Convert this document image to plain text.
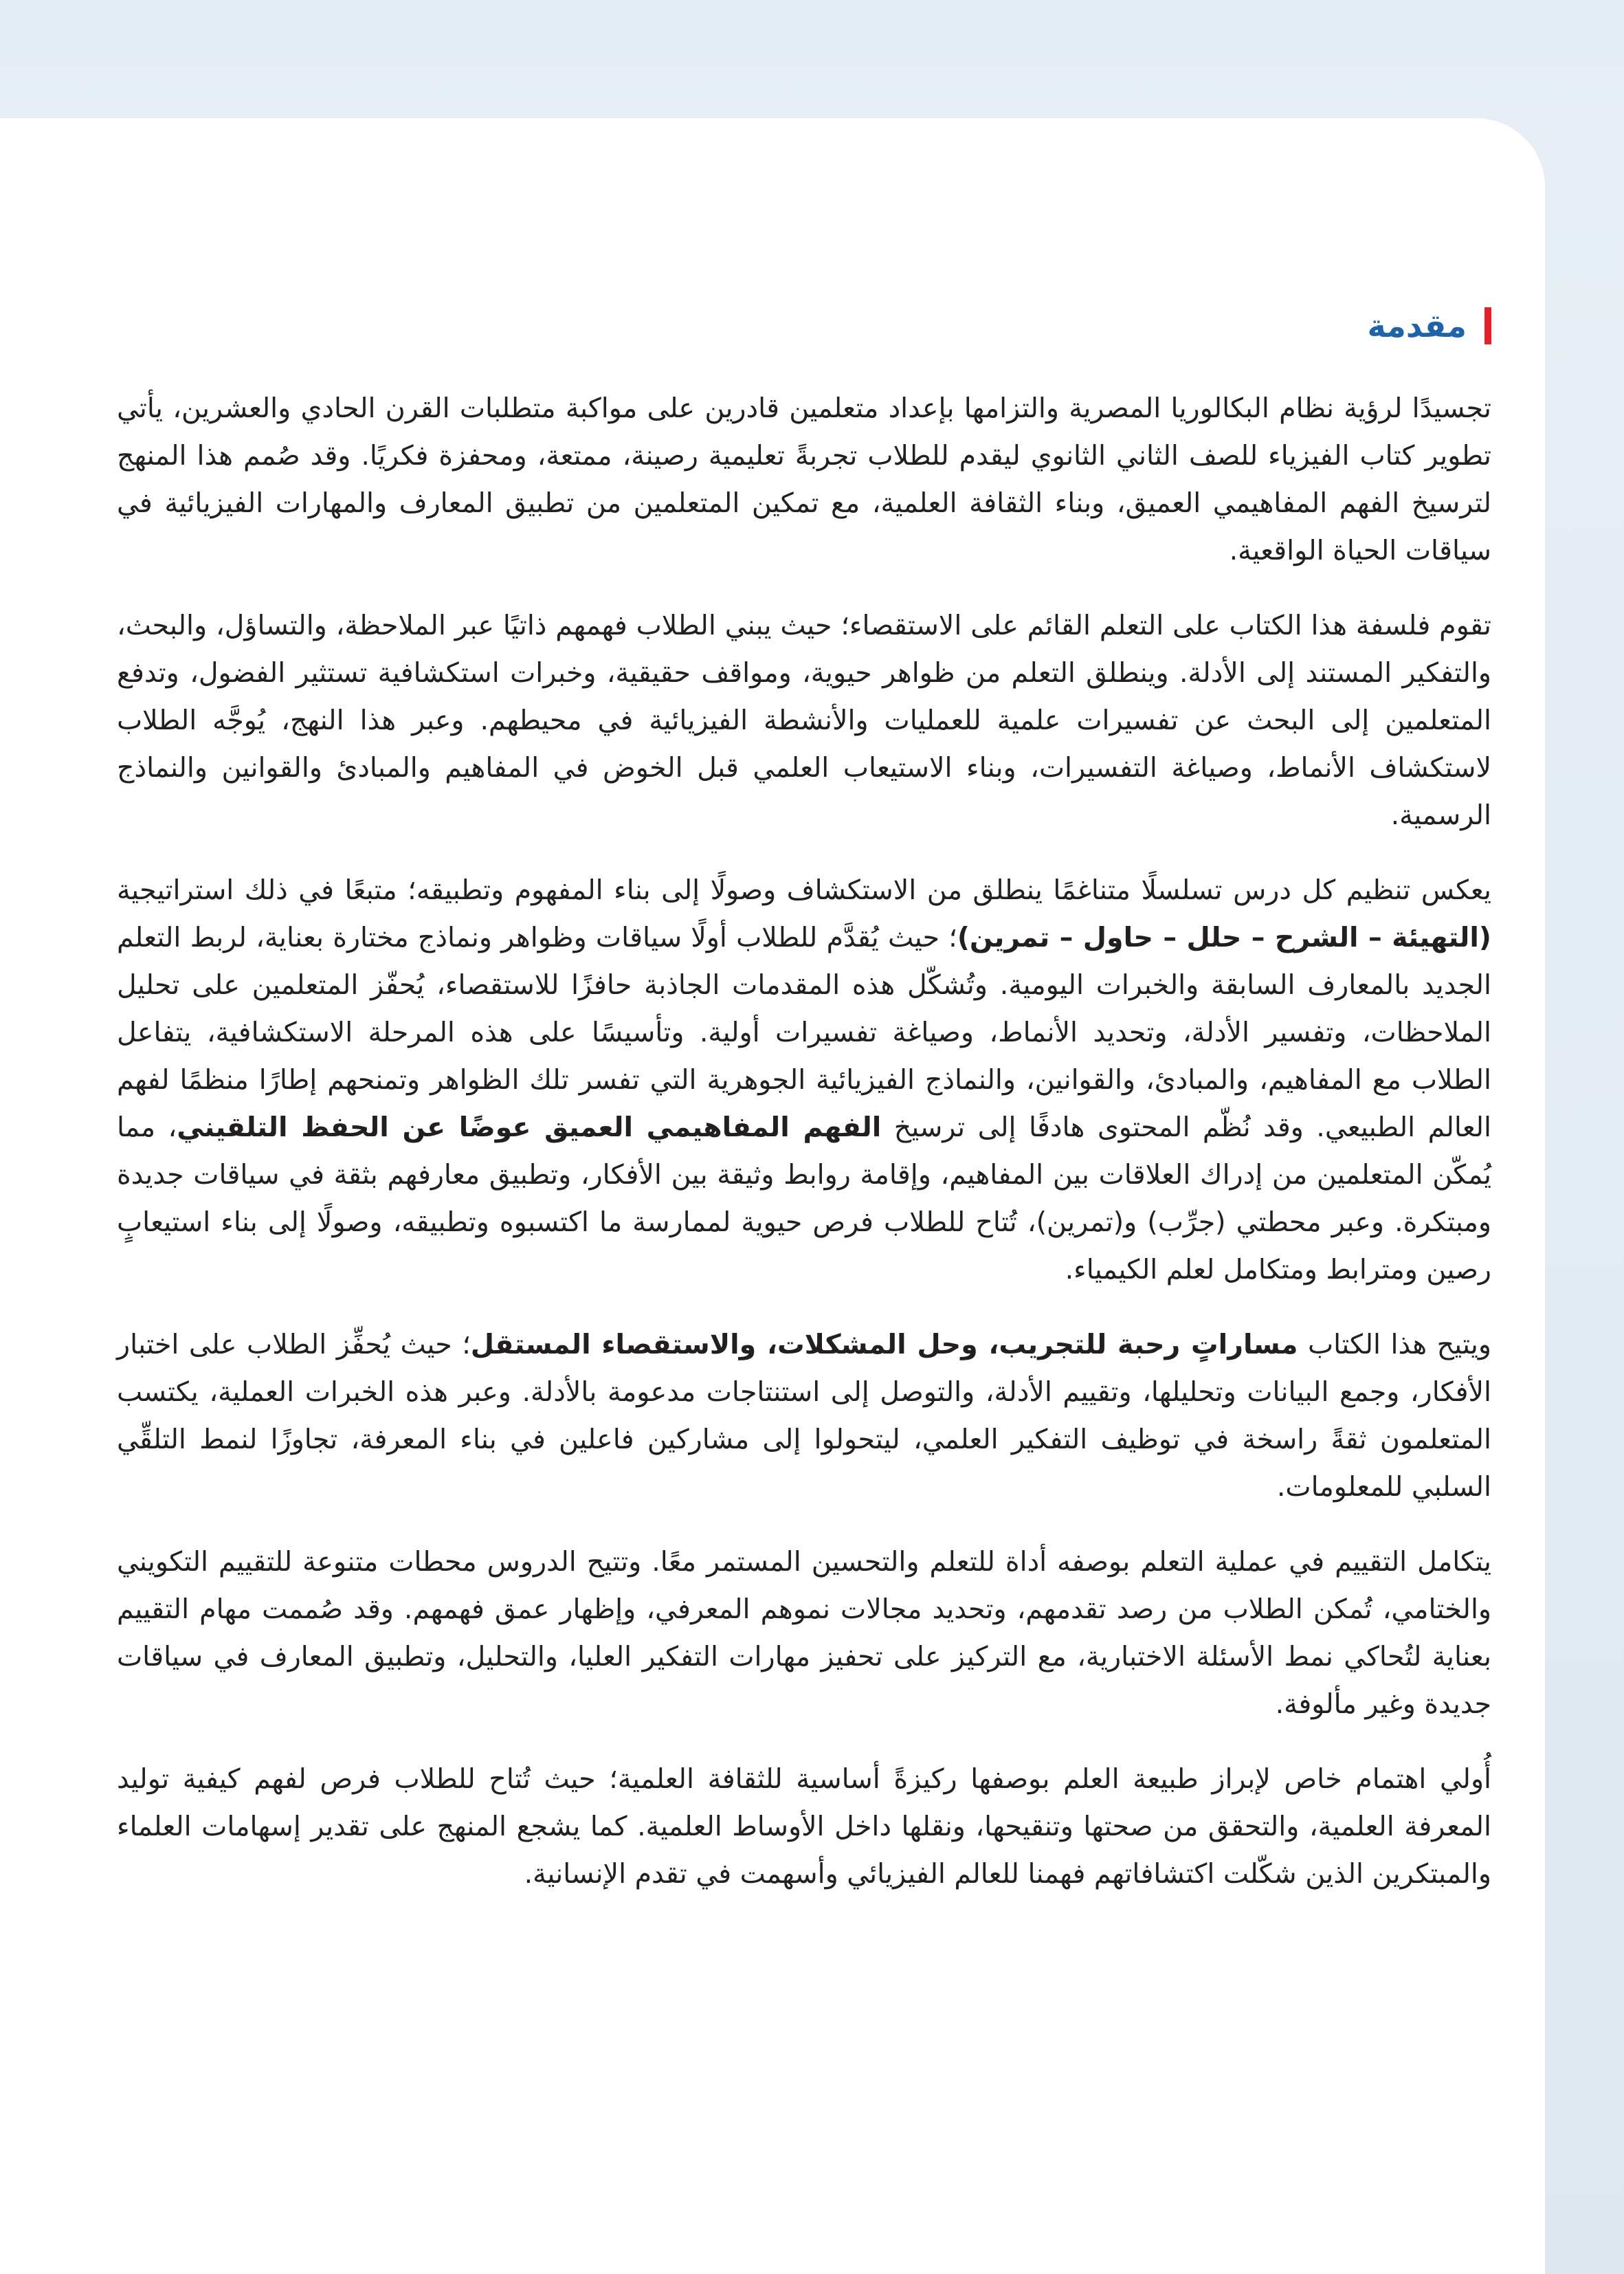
مقدمة

تجسيدًا لرؤية نظام البكالوريا المصرية والتزامها بإعداد متعلمين قادرين على مواكبة متطلبات القرن الحادي والعشرين، يأتي تطوير كتاب الفيزياء للصف الثاني الثانوي ليقدم للطلاب تجربةً تعليمية رصينة، ممتعة، ومحفزة فكريًا. وقد صُمم هذا المنهج لترسيخ الفهم المفاهيمي العميق، وبناء الثقافة العلمية، مع تمكين المتعلمين من تطبيق المعارف والمهارات الفيزيائية في سياقات الحياة الواقعية.

تقوم فلسفة هذا الكتاب على التعلم القائم على الاستقصاء؛ حيث يبني الطلاب فهمهم ذاتيًا عبر الملاحظة، والتساؤل، والبحث، والتفكير المستند إلى الأدلة. وينطلق التعلم من ظواهر حيوية، ومواقف حقيقية، وخبرات استكشافية تستثير الفضول، وتدفع المتعلمين إلى البحث عن تفسيرات علمية للعمليات والأنشطة الفيزيائية في محيطهم. وعبر هذا النهج، يُوجَّه الطلاب لاستكشاف الأنماط، وصياغة التفسيرات، وبناء الاستيعاب العلمي قبل الخوض في المفاهيم والمبادئ والقوانين والنماذج الرسمية.

يعكس تنظيم كل درس تسلسلًا متناغمًا ينطلق من الاستكشاف وصولًا إلى بناء المفهوم وتطبيقه؛ متبعًا في ذلك استراتيجية (التهيئة – الشرح – حلل – حاول – تمرين)؛ حيث يُقدَّم للطلاب أولًا سياقات وظواهر ونماذج مختارة بعناية، لربط التعلم الجديد بالمعارف السابقة والخبرات اليومية. وتُشكّل هذه المقدمات الجاذبة حافزًا للاستقصاء، يُحفّز المتعلمين على تحليل الملاحظات، وتفسير الأدلة، وتحديد الأنماط، وصياغة تفسيرات أولية. وتأسيسًا على هذه المرحلة الاستكشافية، يتفاعل الطلاب مع المفاهيم، والمبادئ، والقوانين، والنماذج الفيزيائية الجوهرية التي تفسر تلك الظواهر وتمنحهم إطارًا منظمًا لفهم العالم الطبيعي. وقد نُظّم المحتوى هادفًا إلى ترسيخ الفهم المفاهيمي العميق عوضًا عن الحفظ التلقيني، مما يُمكّن المتعلمين من إدراك العلاقات بين المفاهيم، وإقامة روابط وثيقة بين الأفكار، وتطبيق معارفهم بثقة في سياقات جديدة ومبتكرة. وعبر محطتي (جرِّب) و(تمرين)، تُتاح للطلاب فرص حيوية لممارسة ما اكتسبوه وتطبيقه، وصولًا إلى بناء استيعابٍ رصين ومترابط ومتكامل لعلم الكيمياء.

ويتيح هذا الكتاب مساراتٍ رحبة للتجريب، وحل المشكلات، والاستقصاء المستقل؛ حيث يُحفِّز الطلاب على اختبار الأفكار، وجمع البيانات وتحليلها، وتقييم الأدلة، والتوصل إلى استنتاجات مدعومة بالأدلة. وعبر هذه الخبرات العملية، يكتسب المتعلمون ثقةً راسخة في توظيف التفكير العلمي، ليتحولوا إلى مشاركين فاعلين في بناء المعرفة، تجاوزًا لنمط التلقِّي السلبي للمعلومات.

يتكامل التقييم في عملية التعلم بوصفه أداة للتعلم والتحسين المستمر معًا. وتتيح الدروس محطات متنوعة للتقييم التكويني والختامي، تُمكن الطلاب من رصد تقدمهم، وتحديد مجالات نموهم المعرفي، وإظهار عمق فهمهم. وقد صُممت مهام التقييم بعناية لتُحاكي نمط الأسئلة الاختبارية، مع التركيز على تحفيز مهارات التفكير العليا، والتحليل، وتطبيق المعارف في سياقات جديدة وغير مألوفة.

أُولي اهتمام خاص لإبراز طبيعة العلم بوصفها ركيزةً أساسية للثقافة العلمية؛ حيث تُتاح للطلاب فرص لفهم كيفية توليد المعرفة العلمية، والتحقق من صحتها وتنقيحها، ونقلها داخل الأوساط العلمية. كما يشجع المنهج على تقدير إسهامات العلماء والمبتكرين الذين شكّلت اكتشافاتهم فهمنا للعالم الفيزيائي وأسهمت في تقدم الإنسانية.
